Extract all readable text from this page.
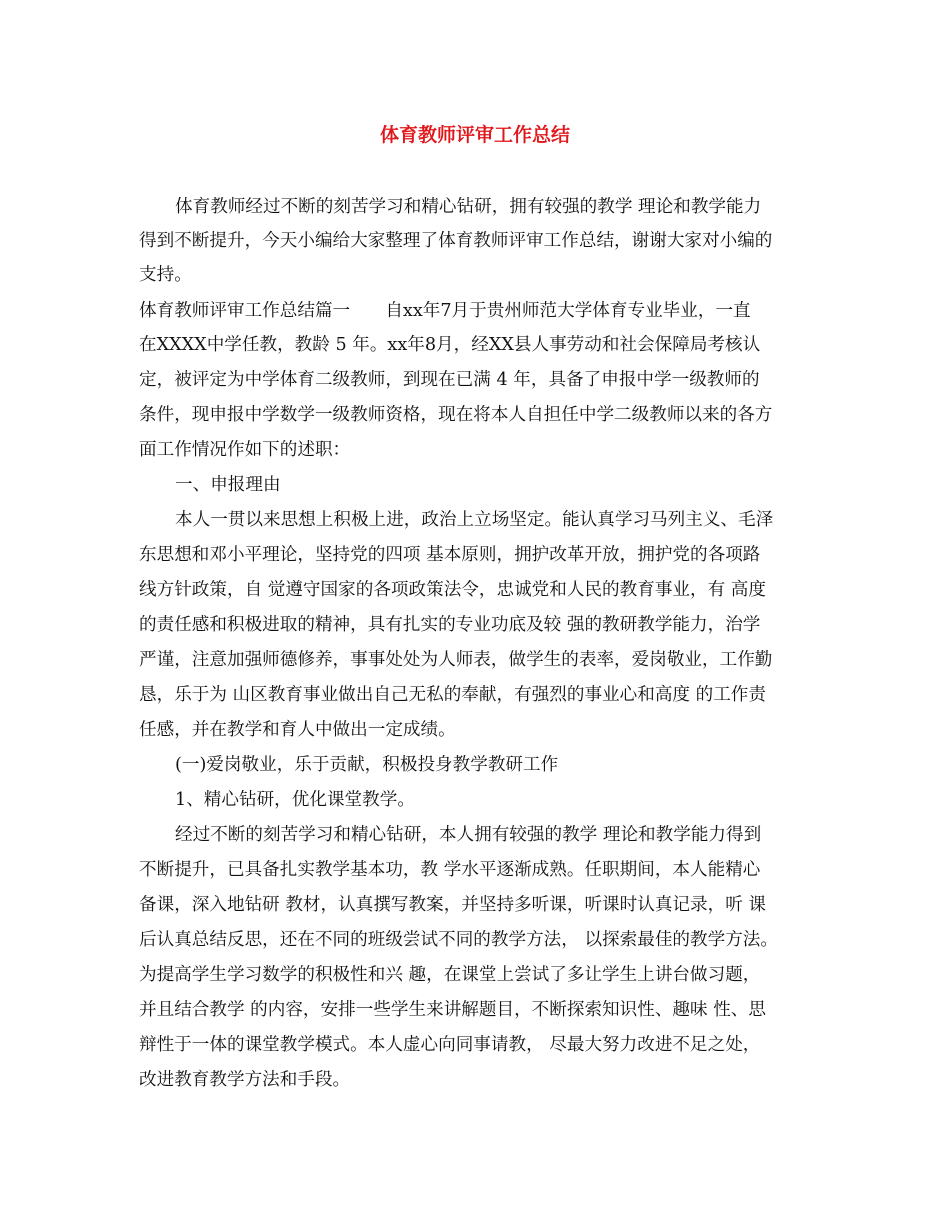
体育教师评审工作总结
体育教师经过不断的刻苦学习和精心钻研，拥有较强的教学 理论和教学能力
得到不断提升，今天小编给大家整理了体育教师评审工作总结，谢谢大家对小编的
支持。
体育教师评审工作总结篇一　　自xx年7月于贵州师范大学体育专业毕业，一直
在XXXX中学任教，教龄 5 年。xx年8月，经XX县人事劳动和社会保障局考核认
定，被评定为中学体育二级教师，到现在已满 4 年，具备了申报中学一级教师的
条件，现申报中学数学一级教师资格，现在将本人自担任中学二级教师以来的各方
面工作情况作如下的述职：
一、申报理由
本人一贯以来思想上积极上进，政治上立场坚定。能认真学习马列主义、毛泽
东思想和邓小平理论，坚持党的四项 基本原则，拥护改革开放，拥护党的各项路
线方针政策，自 觉遵守国家的各项政策法令，忠诚党和人民的教育事业，有 高度
的责任感和积极进取的精神，具有扎实的专业功底及较 强的教研教学能力，治学
严谨，注意加强师德修养，事事处处为人师表，做学生的表率，爱岗敬业，工作勤
恳，乐于为 山区教育事业做出自己无私的奉献，有强烈的事业心和高度 的工作责
任感，并在教学和育人中做出一定成绩。
(一)爱岗敬业，乐于贡献，积极投身教学教研工作
1、精心钻研，优化课堂教学。
经过不断的刻苦学习和精心钻研，本人拥有较强的教学 理论和教学能力得到
不断提升，已具备扎实教学基本功，教 学水平逐渐成熟。任职期间，本人能精心
备课，深入地钻研 教材，认真撰写教案，并坚持多听课，听课时认真记录，听 课
后认真总结反思，还在不同的班级尝试不同的教学方法， 以探索最佳的教学方法。
为提高学生学习数学的积极性和兴 趣，在课堂上尝试了多让学生上讲台做习题，
并且结合教学 的内容，安排一些学生来讲解题目，不断探索知识性、趣味 性、思
辩性于一体的课堂教学模式。本人虚心向同事请教， 尽最大努力改进不足之处，
改进教育教学方法和手段。
